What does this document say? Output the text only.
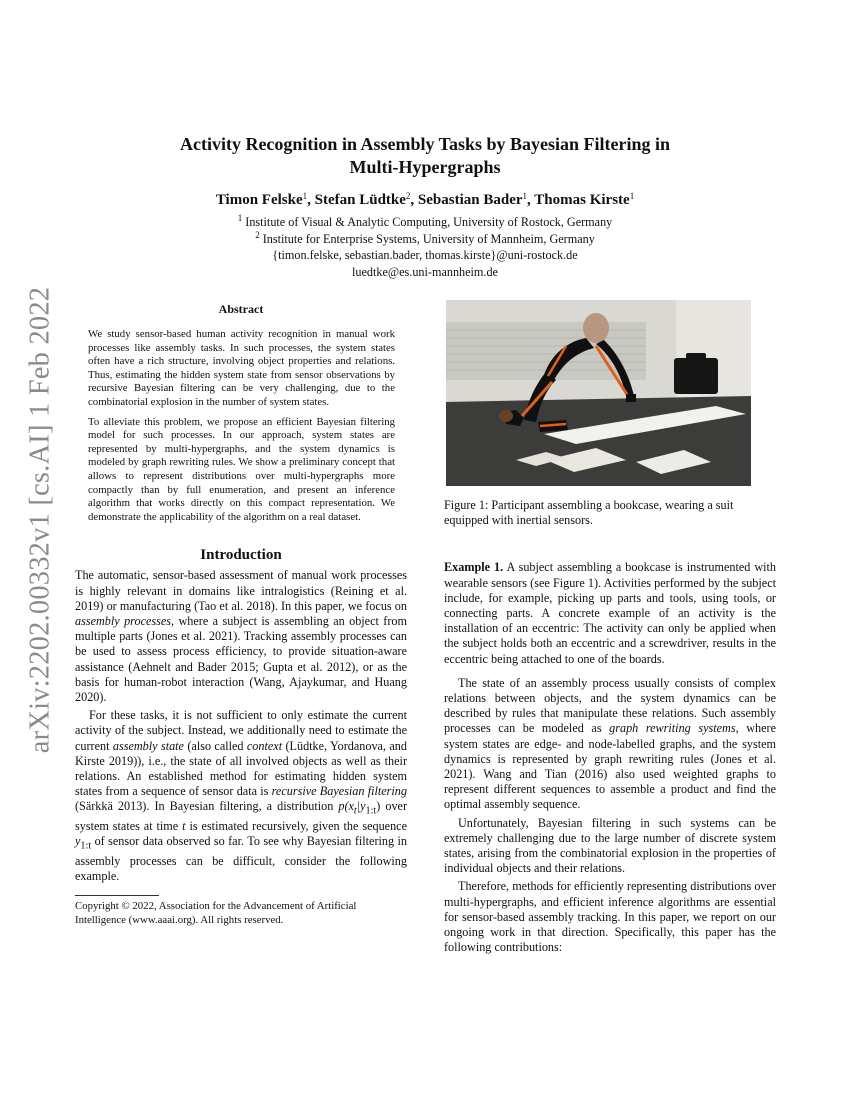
arXiv:2202.00332v1 [cs.AI] 1 Feb 2022
Activity Recognition in Assembly Tasks by Bayesian Filtering in
Multi-Hypergraphs
Timon Felske$^1$, Stefan Lüdtke$^2$, Sebastian Bader$^1$, Thomas Kirste$^1$
$^1$ Institute of Visual & Analytic Computing, University of Rostock, Germany
$^2$ Institute for Enterprise Systems, University of Mannheim, Germany
{timon.felske, sebastian.bader, thomas.kirste}@uni-rostock.de
luedtke@es.uni-mannheim.de
Abstract

We study sensor-based human activity recognition in manual work processes like assembly tasks. In such processes, the system states often have a rich structure, involving object properties and relations. Thus, estimating the hidden system state from sensor observations by recursive Bayesian filtering can be very challenging, due to the combinatorial explosion in the number of system states.

To alleviate this problem, we propose an efficient Bayesian filtering model for such processes. In our approach, system states are represented by multi-hypergraphs, and the system dynamics is modeled by graph rewriting rules. We show a preliminary concept that allows to represent distributions over multi-hypergraphs more compactly than by full enumeration, and present an inference algorithm that works directly on this compact representation. We demonstrate the applicability of the algorithm on a real dataset.

Introduction

The automatic, sensor-based assessment of manual work processes is highly relevant in domains like intralogistics (Reining et al. 2019) or manufacturing (Tao et al. 2018). In this paper, we focus on assembly processes, where a subject is assembling an object from multiple parts (Jones et al. 2021). Tracking assembly processes can be used to assess process efficiency, to provide situation-aware assistance (Aehnelt and Bader 2015; Gupta et al. 2012), or as the basis for human-robot interaction (Wang, Ajaykumar, and Huang 2020).

For these tasks, it is not sufficient to only estimate the current activity of the subject. Instead, we additionally need to estimate the current assembly state (also called context (Lüdtke, Yordanova, and Kirste 2019)), i.e., the state of all involved objects as well as their relations. An established method for estimating hidden system states from a sequence of sensor data is recursive Bayesian filtering (Särkkä 2013). In Bayesian filtering, a distribution $p(x_t|y_{1:t})$ over system states at time t is estimated recursively, given the sequence $y_{1:t}$ of sensor data observed so far. To see why Bayesian filtering in assembly processes can be difficult, consider the following example.

Copyright © 2022, Association for the Advancement of Artificial Intelligence (www.aaai.org). All rights reserved.
Figure 1: Participant assembling a bookcase, wearing a suit equipped with inertial sensors.

Example 1. A subject assembling a bookcase is instrumented with wearable sensors (see Figure 1). Activities performed by the subject include, for example, picking up parts and tools, using tools, or connecting parts. A concrete example of an activity is the installation of an eccentric: The activity can only be applied when the subject holds both an eccentric and a screwdriver, results in the eccentric being attached to one of the boards.

The state of an assembly process usually consists of complex relations between objects, and the system dynamics can be described by rules that manipulate these relations. Such assembly processes can be modeled as graph rewriting systems, where system states are edge- and node-labelled graphs, and the system dynamics is represented by graph rewriting rules (Jones et al. 2021). Wang and Tian (2016) also used weighted graphs to represent different sequences to assemble a product and find the optimal assembly sequence.

Unfortunately, Bayesian filtering in such systems can be extremely challenging due to the large number of discrete system states, arising from the combinatorial explosion in the properties of individual objects and their relations.

Therefore, methods for efficiently representing distributions over multi-hypergraphs, and efficient inference algorithms are essential for sensor-based assembly tracking. In this paper, we report on our ongoing work in that direction. Specifically, this paper has the following contributions:
